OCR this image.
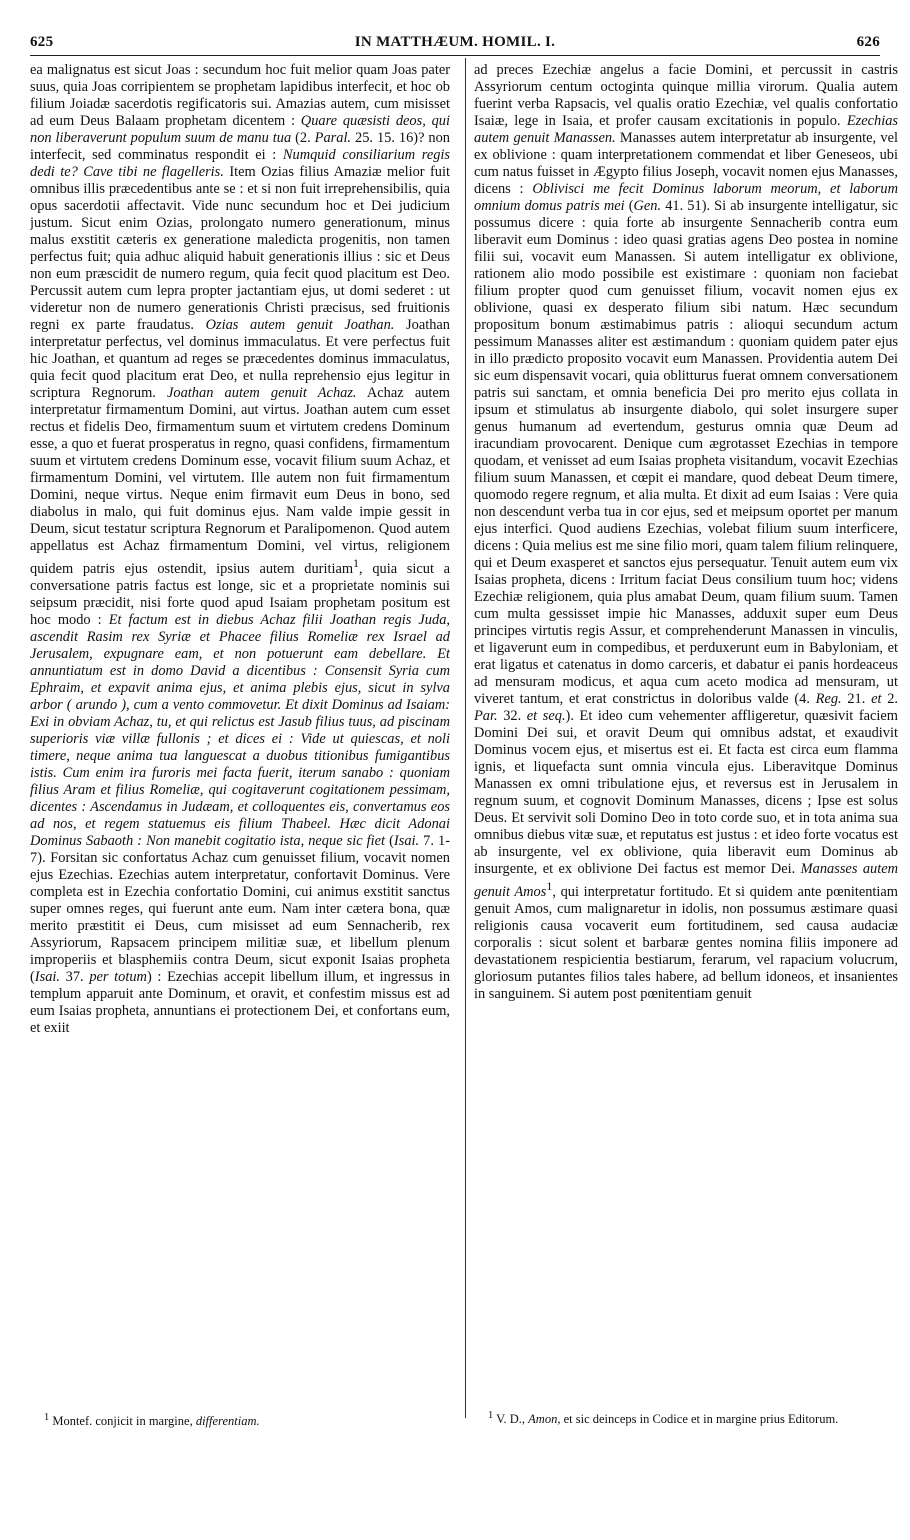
625	IN MATTHÆUM. HOMIL. I.	626

ea malignatus est sicut Joas : secundum hoc fuit melior quam Joas pater suus, quia Joas corripientem se prophetam lapidibus interfecit, et hoc ob filium Joiadæ sacerdotis regificatoris sui. Amazias autem, cum misisset ad eum Deus Balaam prophetam dicentem : Quare quæsisti deos, qui non liberaverunt populum suum de manu tua (2. Paral. 25. 15. 16)? non interfecit, sed comminatus respondit ei : Numquid consiliarium regis dedi te? Cave tibi ne flagelleris. Item Ozias filius Amaziæ melior fuit omnibus illis præcedentibus ante se : et si non fuit irreprehensibilis, quia opus sacerdotii affectavit. Vide nunc secundum hoc et Dei judicium justum. Sicut enim Ozias, prolongato numero generationum, minus malus exstitit cæteris ex generatione maledicta progenitis, non tamen perfectus fuit; quia adhuc aliquid habuit generationis illius : sic et Deus non eum præscidit de numero regum, quia fecit quod placitum est Deo. Percussit autem cum lepra propter jactantiam ejus, ut domi sederet : ut videretur non de numero generationis Christi præcisus, sed fruitionis regni ex parte fraudatus. Ozias autem genuit Joathan. Joathan interpretatur perfectus, vel dominus immaculatus. Et vere perfectus fuit hic Joathan, et quantum ad reges se præcedentes dominus immaculatus, quia fecit quod placitum erat Deo, et nulla reprehensio ejus legitur in scriptura Regnorum. Joathan autem genuit Achaz. Achaz autem interpretatur firmamentum Domini, aut virtus. Joathan autem cum esset rectus et fidelis Deo, firmamentum suum et virtutem credens Dominum esse, a quo et fuerat prosperatus in regno, quasi confidens, firmamentum suum et virtutem credens Dominum esse, vocavit filium suum Achaz, et firmamentum Domini, vel virtutem. Ille autem non fuit firmamentum Domini, neque virtus. Neque enim firmavit eum Deus in bono, sed diabolus in malo, qui fuit dominus ejus. Nam valde impie gessit in Deum, sicut testatur scriptura Regnorum et Paralipomenon. Quod autem appellatus est Achaz firmamentum Domini, vel virtus, religionem quidem patris ejus ostendit, ipsius autem duritiam$^1$, quia sicut a conversatione patris factus est longe, sic et a proprietate nominis sui seipsum præcidit, nisi forte quod apud Isaiam prophetam positum est hoc modo : Et factum est in diebus Achaz filii Joathan regis Juda, ascendit Rasim rex Syriæ et Phacee filius Romeliæ rex Israel ad Jerusalem, expugnare eam, et non potuerunt eam debellare. Et annuntiatum est in domo David a dicentibus : Consensit Syria cum Ephraim, et expavit anima ejus, et anima plebis ejus, sicut in sylva arbor ( arundo ), cum a vento commovetur. Et dixit Dominus ad Isaiam: Exi in obviam Achaz, tu, et qui relictus est Jasub filius tuus, ad piscinam superioris viæ villæ fullonis ; et dices ei : Vide ut quiescas, et noli timere, neque anima tua languescat a duobus titionibus fumigantibus istis. Cum enim ira furoris mei facta fuerit, iterum sanabo : quoniam filius Aram et filius Romeliæ, qui cogitaverunt cogitationem pessimam, dicentes : Ascendamus in Judæam, et colloquentes eis, convertamus eos ad nos, et regem statuemus eis filium Thabeel. Hæc dicit Adonai Dominus Sabaoth : Non manebit cogitatio ista, neque sic fiet (Isai. 7. 1-7). Forsitan sic confortatus Achaz cum genuisset filium, vocavit nomen ejus Ezechias. Ezechias autem interpretatur, confortavit Dominus. Vere completa est in Ezechia confortatio Domini, cui animus exstitit sanctus super omnes reges, qui fuerunt ante eum. Nam inter cætera bona, quæ merito præstitit ei Deus, cum misisset ad eum Sennacherib, rex Assyriorum, Rapsacem principem militiæ suæ, et libellum plenum improperiis et blasphemiis contra Deum, sicut exponit Isaias propheta (Isai. 37. per totum) : Ezechias accepit libellum illum, et ingressus in templum apparuit ante Dominum, et oravit, et confestim missus est ad eum Isaias propheta, annuntians ei protectionem Dei, et confortans eum, et exiit

ad preces Ezechiæ angelus a facie Domini, et percussit in castris Assyriorum centum octoginta quinque millia virorum. Qualia autem fuerint verba Rapsacis, vel qualis oratio Ezechiæ, vel qualis confortatio Isaiæ, lege in Isaia, et profer causam excitationis in populo. Ezechias autem genuit Manassen. Manasses autem interpretatur ab insurgente, vel ex oblivione : quam interpretationem commendat et liber Geneseos, ubi cum natus fuisset in Ægypto filius Joseph, vocavit nomen ejus Manasses, dicens : Oblivisci me fecit Dominus laborum meorum, et laborum omnium domus patris mei (Gen. 41. 51). Si ab insurgente intelligatur, sic possumus dicere : quia forte ab insurgente Sennacherib contra eum liberavit eum Dominus : ideo quasi gratias agens Deo postea in nomine filii sui, vocavit eum Manassen. Si autem intelligatur ex oblivione, rationem alio modo possibile est existimare : quoniam non faciebat filium propter quod cum genuisset filium, vocavit nomen ejus ex oblivione, quasi ex desperato filium sibi natum. Hæc secundum propositum bonum æstimabimus patris : alioqui secundum actum pessimum Manasses aliter est æstimandum : quoniam quidem pater ejus in illo prædicto proposito vocavit eum Manassen. Providentia autem Dei sic eum dispensavit vocari, quia oblitturus fuerat omnem conversationem patris sui sanctam, et omnia beneficia Dei pro merito ejus collata in ipsum et stimulatus ab insurgente diabolo, qui solet insurgere super genus humanum ad evertendum, gesturus omnia quæ Deum ad iracundiam provocarent. Denique cum ægrotasset Ezechias in tempore quodam, et venisset ad eum Isaias propheta visitandum, vocavit Ezechias filium suum Manassen, et cœpit ei mandare, quod debeat Deum timere, quomodo regere regnum, et alia multa. Et dixit ad eum Isaias : Vere quia non descendunt verba tua in cor ejus, sed et meipsum oportet per manum ejus interfici. Quod audiens Ezechias, volebat filium suum interficere, dicens : Quia melius est me sine filio mori, quam talem filium relinquere, qui et Deum exasperet et sanctos ejus persequatur. Tenuit autem eum vix Isaias propheta, dicens : Irritum faciat Deus consilium tuum hoc; videns Ezechiæ religionem, quia plus amabat Deum, quam filium suum. Tamen cum multa gessisset impie hic Manasses, adduxit super eum Deus principes virtutis regis Assur, et comprehenderunt Manassen in vinculis, et ligaverunt eum in compedibus, et perduxerunt eum in Babyloniam, et erat ligatus et catenatus in domo carceris, et dabatur ei panis hordeaceus ad mensuram modicus, et aqua cum aceto modica ad mensuram, ut viveret tantum, et erat constrictus in doloribus valde (4. Reg. 21. et 2. Par. 32. et seq.). Et ideo cum vehementer affligeretur, quæsivit faciem Domini Dei sui, et oravit Deum qui omnibus adstat, et exaudivit Dominus vocem ejus, et misertus est ei. Et facta est circa eum flamma ignis, et liquefacta sunt omnia vincula ejus. Liberavitque Dominus Manassen ex omni tribulatione ejus, et reversus est in Jerusalem in regnum suum, et cognovit Dominum Manasses, dicens ; Ipse est solus Deus. Et servivit soli Domino Deo in toto corde suo, et in tota anima sua omnibus diebus vitæ suæ, et reputatus est justus : et ideo forte vocatus est ab insurgente, vel ex oblivione, quia liberavit eum Dominus ab insurgente, et ex oblivione Dei factus est memor Dei. Manasses autem genuit Amos$^1$, qui interpretatur fortitudo. Et si quidem ante pœnitentiam genuit Amos, cum malignaretur in idolis, non possumus æstimare quasi religionis causa vocaverit eum fortitudinem, sed causa audaciæ corporalis : sicut solent et barbaræ gentes nomina filiis imponere ad devastationem respicientia bestiarum, ferarum, vel rapacium volucrum, gloriosum putantes filios tales habere, ad bellum idoneos, et insanientes in sanguinem. Si autem post pœnitentiam genuit

$^1$ Montef. conjicit in margine, differentiam.	$^1$ V. D., Amon, et sic deinceps in Codice et in margine prius Editorum.
